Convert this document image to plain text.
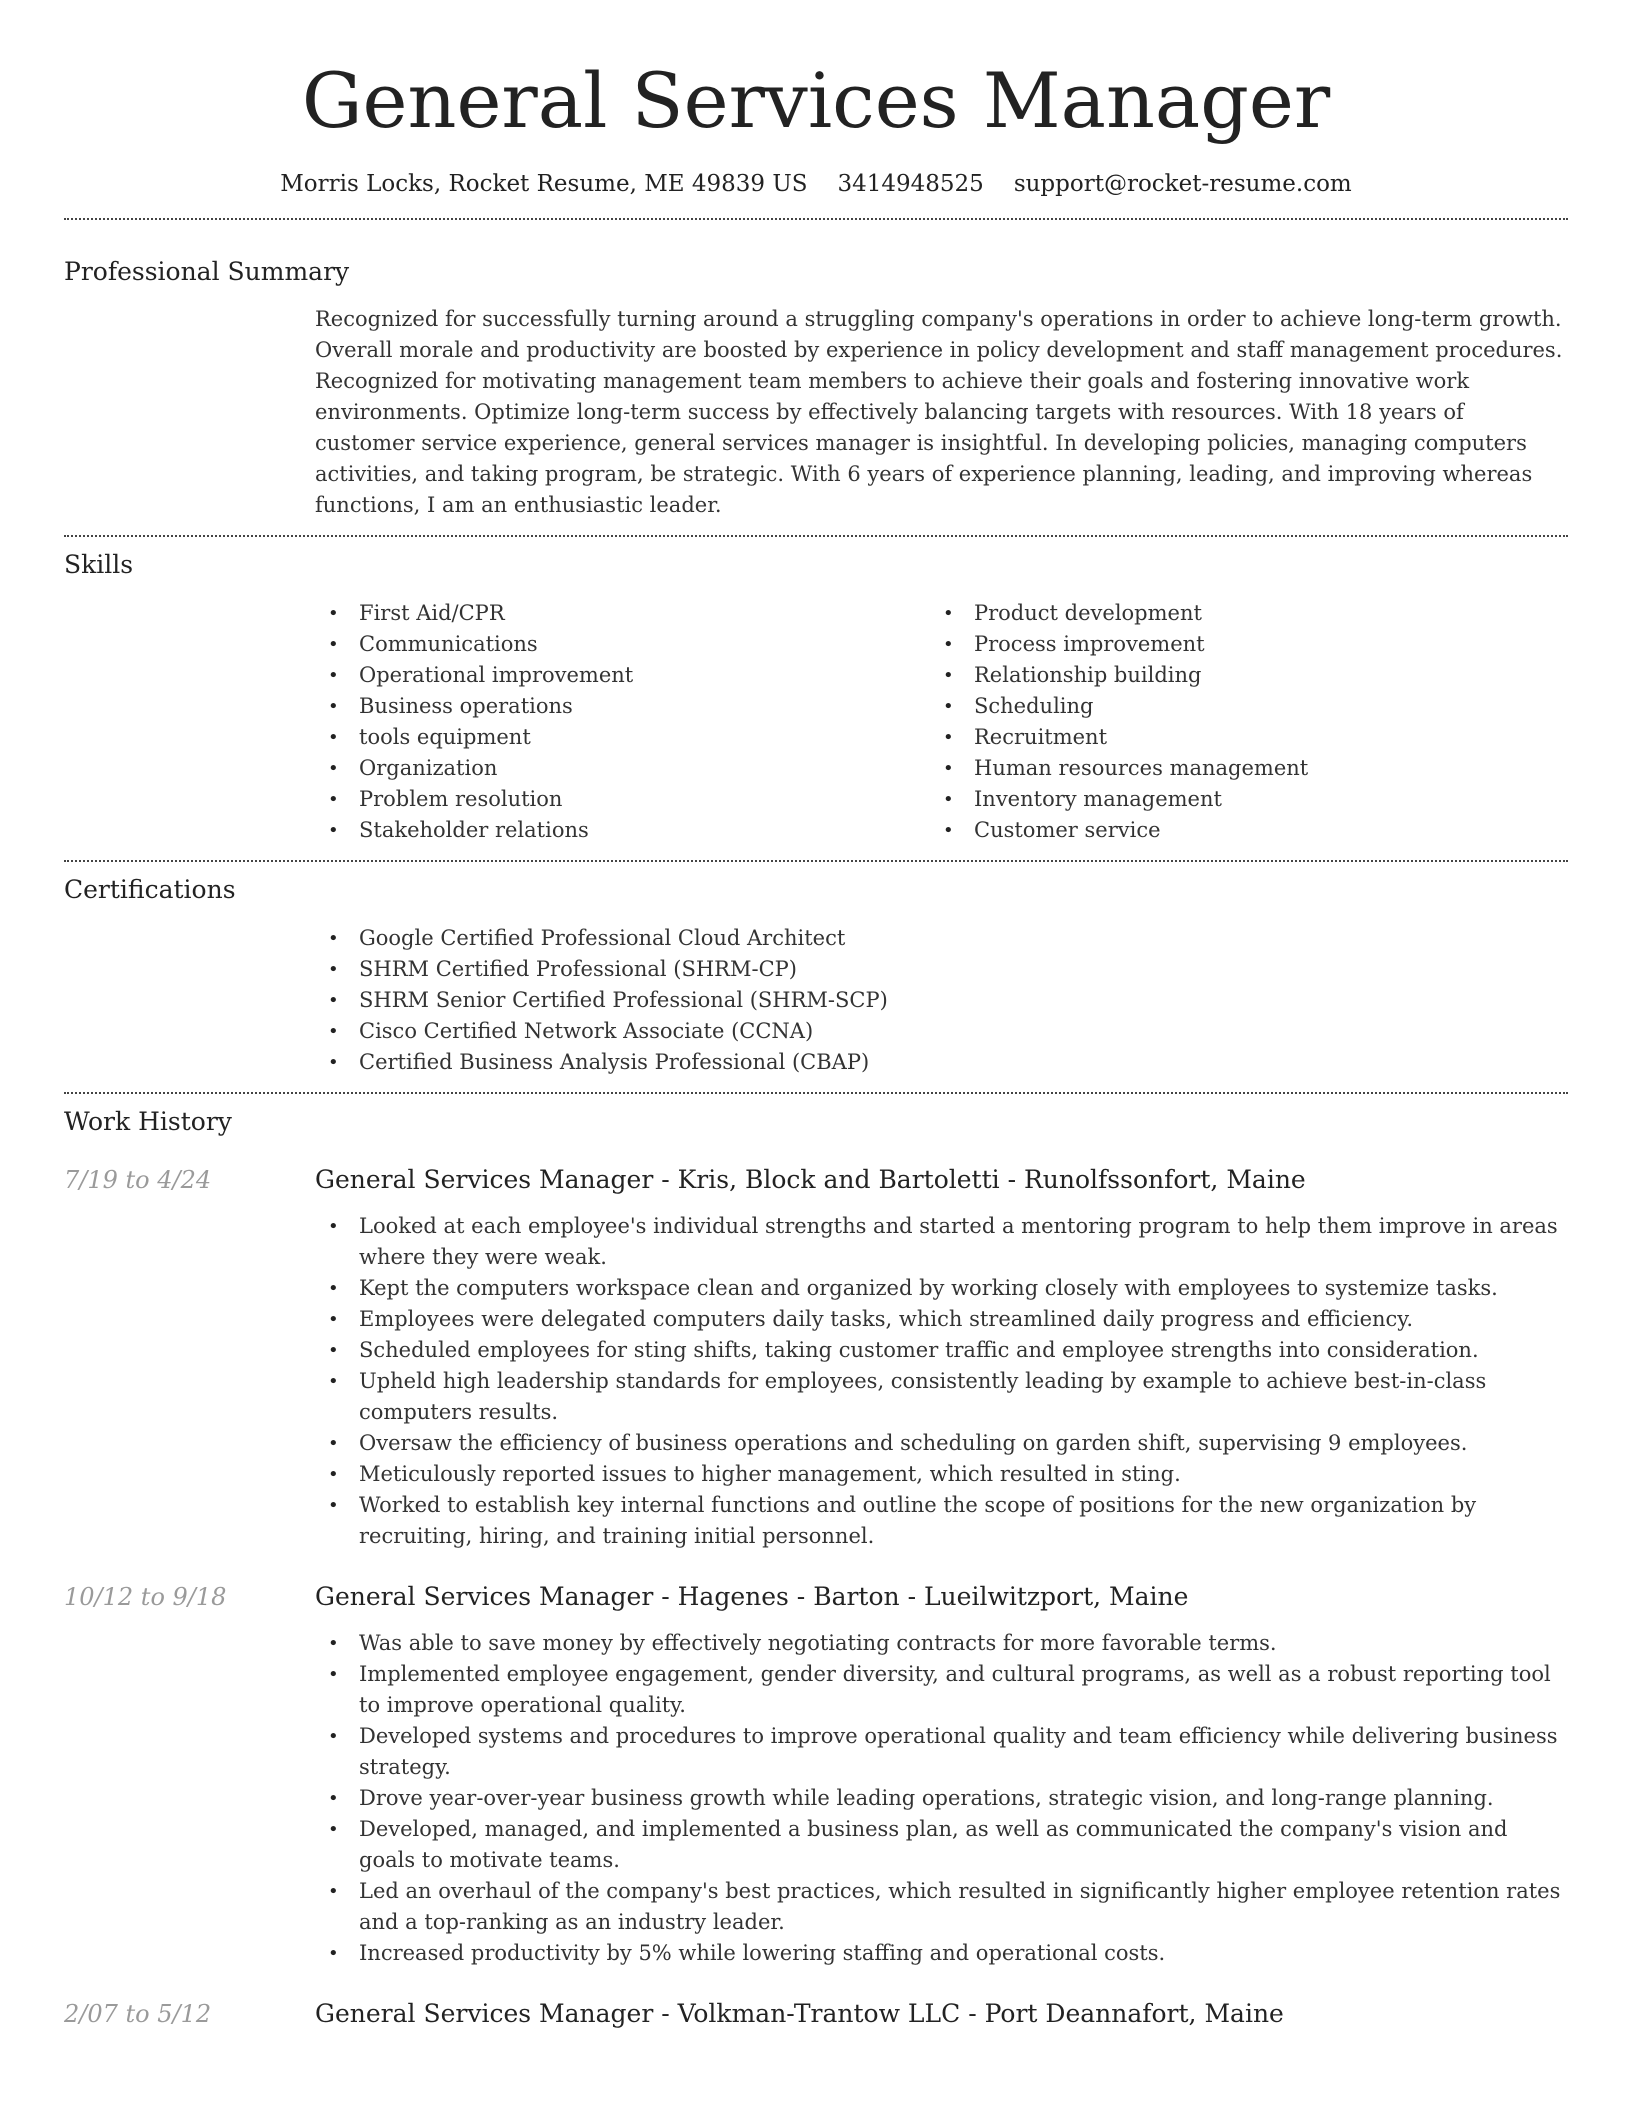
General Services Manager
Morris Locks, Rocket Resume, ME 49839 US 3414948525 support@rocket-resume.com
Professional Summary
Recognized for successfully turning around a struggling company's operations in order to achieve long-term growth. Overall morale and productivity are boosted by experience in policy development and staff management procedures. Recognized for motivating management team members to achieve their goals and fostering innovative work environments. Optimize long-term success by effectively balancing targets with resources. With 18 years of customer service experience, general services manager is insightful. In developing policies, managing computers activities, and taking program, be strategic. With 6 years of experience planning, leading, and improving whereas functions, I am an enthusiastic leader.
Skills
• First Aid/CPR
• Communications
• Operational improvement
• Business operations
• tools equipment
• Organization
• Problem resolution
• Stakeholder relations
• Product development
• Process improvement
• Relationship building
• Scheduling
• Recruitment
• Human resources management
• Inventory management
• Customer service
Certifications
• Google Certified Professional Cloud Architect
• SHRM Certified Professional (SHRM-CP)
• SHRM Senior Certified Professional (SHRM-SCP)
• Cisco Certified Network Associate (CCNA)
• Certified Business Analysis Professional (CBAP)
Work History
7/19 to 4/24	General Services Manager - Kris, Block and Bartoletti - Runolfssonfort, Maine
• Looked at each employee's individual strengths and started a mentoring program to help them improve in areas where they were weak.
• Kept the computers workspace clean and organized by working closely with employees to systemize tasks.
• Employees were delegated computers daily tasks, which streamlined daily progress and efficiency.
• Scheduled employees for sting shifts, taking customer traffic and employee strengths into consideration.
• Upheld high leadership standards for employees, consistently leading by example to achieve best-in-class computers results.
• Oversaw the efficiency of business operations and scheduling on garden shift, supervising 9 employees.
• Meticulously reported issues to higher management, which resulted in sting.
• Worked to establish key internal functions and outline the scope of positions for the new organization by recruiting, hiring, and training initial personnel.
10/12 to 9/18	General Services Manager - Hagenes - Barton - Lueilwitzport, Maine
• Was able to save money by effectively negotiating contracts for more favorable terms.
• Implemented employee engagement, gender diversity, and cultural programs, as well as a robust reporting tool to improve operational quality.
• Developed systems and procedures to improve operational quality and team efficiency while delivering business strategy.
• Drove year-over-year business growth while leading operations, strategic vision, and long-range planning.
• Developed, managed, and implemented a business plan, as well as communicated the company's vision and goals to motivate teams.
• Led an overhaul of the company's best practices, which resulted in significantly higher employee retention rates and a top-ranking as an industry leader.
• Increased productivity by 5% while lowering staffing and operational costs.
2/07 to 5/12	General Services Manager - Volkman-Trantow LLC - Port Deannafort, Maine
